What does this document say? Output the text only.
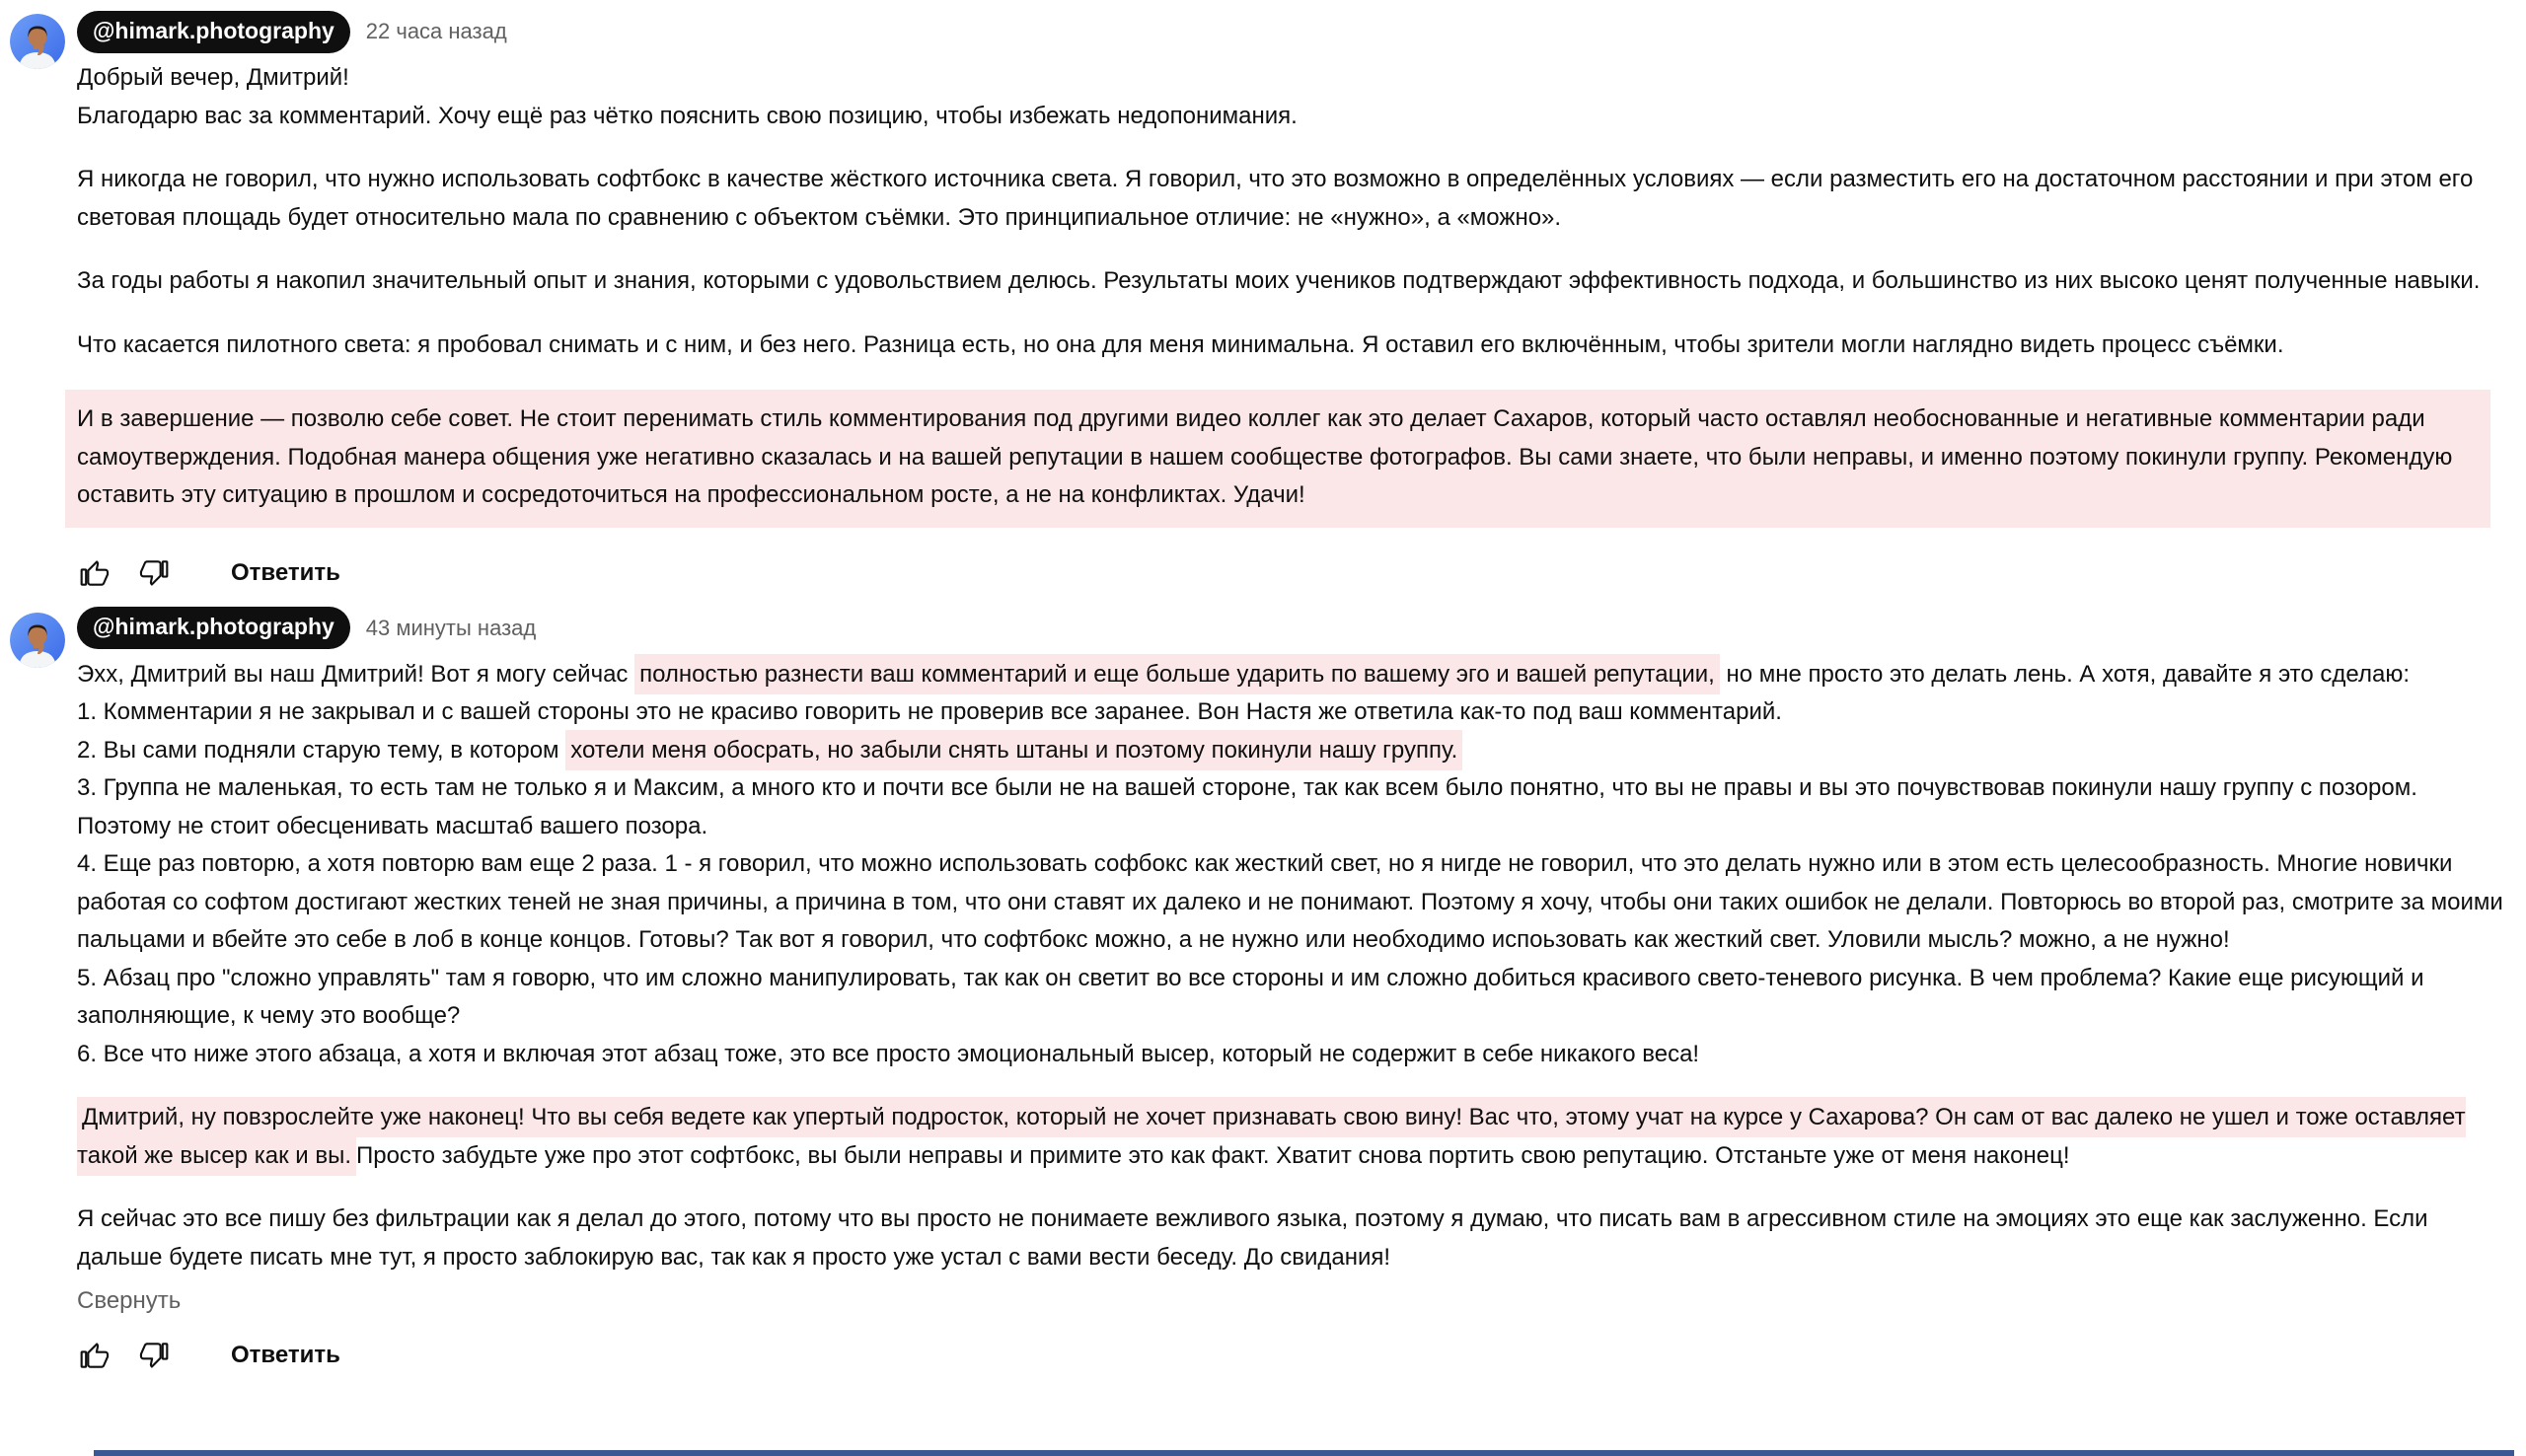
@himark.photography	22 часа назад
Добрый вечер, Дмитрий!
Благодарю вас за комментарий. Хочу ещё раз чётко пояснить свою позицию, чтобы избежать недопонимания.
Я никогда не говорил, что нужно использовать софтбокс в качестве жёсткого источника света. Я говорил, что это возможно в определённых условиях — если разместить его на достаточном расстоянии и при этом его световая площадь будет относительно мала по сравнению с объектом съёмки. Это принципиальное отличие: не «нужно», а «можно».
За годы работы я накопил значительный опыт и знания, которыми с удовольствием делюсь. Результаты моих учеников подтверждают эффективность подхода, и большинство из них высоко ценят полученные навыки.
Что касается пилотного света: я пробовал снимать и с ним, и без него. Разница есть, но она для меня минимальна. Я оставил его включённым, чтобы зрители могли наглядно видеть процесс съёмки.
И в завершение — позволю себе совет. Не стоит перенимать стиль комментирования под другими видео коллег как это делает Сахаров, который часто оставлял необоснованные и негативные комментарии ради самоутверждения. Подобная манера общения уже негативно сказалась и на вашей репутации в нашем сообществе фотографов. Вы сами знаете, что были неправы, и именно поэтому покинули группу. Рекомендую оставить эту ситуацию в прошлом и сосредоточиться на профессиональном росте, а не на конфликтах. Удачи!
Ответить
@himark.photography	43 минуты назад
Эхх, Дмитрий вы наш Дмитрий! Вот я могу сейчас полностью разнести ваш комментарий и еще больше ударить по вашему эго и вашей репутации, но мне просто это делать лень. А хотя, давайте я это сделаю:
1. Комментарии я не закрывал и с вашей стороны это не красиво говорить не проверив все заранее. Вон Настя же ответила как-то под ваш комментарий.
2. Вы сами подняли старую тему, в котором хотели меня обосрать, но забыли снять штаны и поэтому покинули нашу группу.
3. Группа не маленькая, то есть там не только я и Максим, а много кто и почти все были не на вашей стороне, так как всем было понятно, что вы не правы и вы это почувствовав покинули нашу группу с позором. Поэтому не стоит обесценивать масштаб вашего позора.
4. Еще раз повторю, а хотя повторю вам еще 2 раза. 1 - я говорил, что можно использовать софбокс как жесткий свет, но я нигде не говорил, что это делать нужно или в этом есть целесообразность. Многие новички работая со софтом достигают жестких теней не зная причины, а причина в том, что они ставят их далеко и не понимают. Поэтому я хочу, чтобы они таких ошибок не делали. Повторюсь во второй раз, смотрите за моими пальцами и вбейте это себе в лоб в конце концов. Готовы? Так вот я говорил, что софтбокс можно, а не нужно или необходимо испоьзовать как жесткий свет. Уловили мысль? можно, а не нужно!
5. Абзац про "сложно управлять" там я говорю, что им сложно манипулировать, так как он светит во все стороны и им сложно добиться красивого свето-теневого рисунка. В чем проблема? Какие еще рисующий и заполняющие, к чему это вообще?
6. Все что ниже этого абзаца, а хотя и включая этот абзац тоже, это все просто эмоциональный высер, который не содержит в себе никакого веса!
Дмитрий, ну повзрослейте уже наконец! Что вы себя ведете как упертый подросток, который не хочет признавать свою вину! Вас что, этому учат на курсе у Сахарова? Он сам от вас далеко не ушел и тоже оставляет такой же высер как и вы. Просто забудьте уже про этот софтбокс, вы были неправы и примите это как факт. Хватит снова портить свою репутацию. Отстаньте уже от меня наконец!
Я сейчас это все пишу без фильтрации как я делал до этого, потому что вы просто не понимаете вежливого языка, поэтому я думаю, что писать вам в агрессивном стиле на эмоциях это еще как заслуженно. Если дальше будете писать мне тут, я просто заблокирую вас, так как я просто уже устал с вами вести беседу. До свидания!
Свернуть
Ответить
